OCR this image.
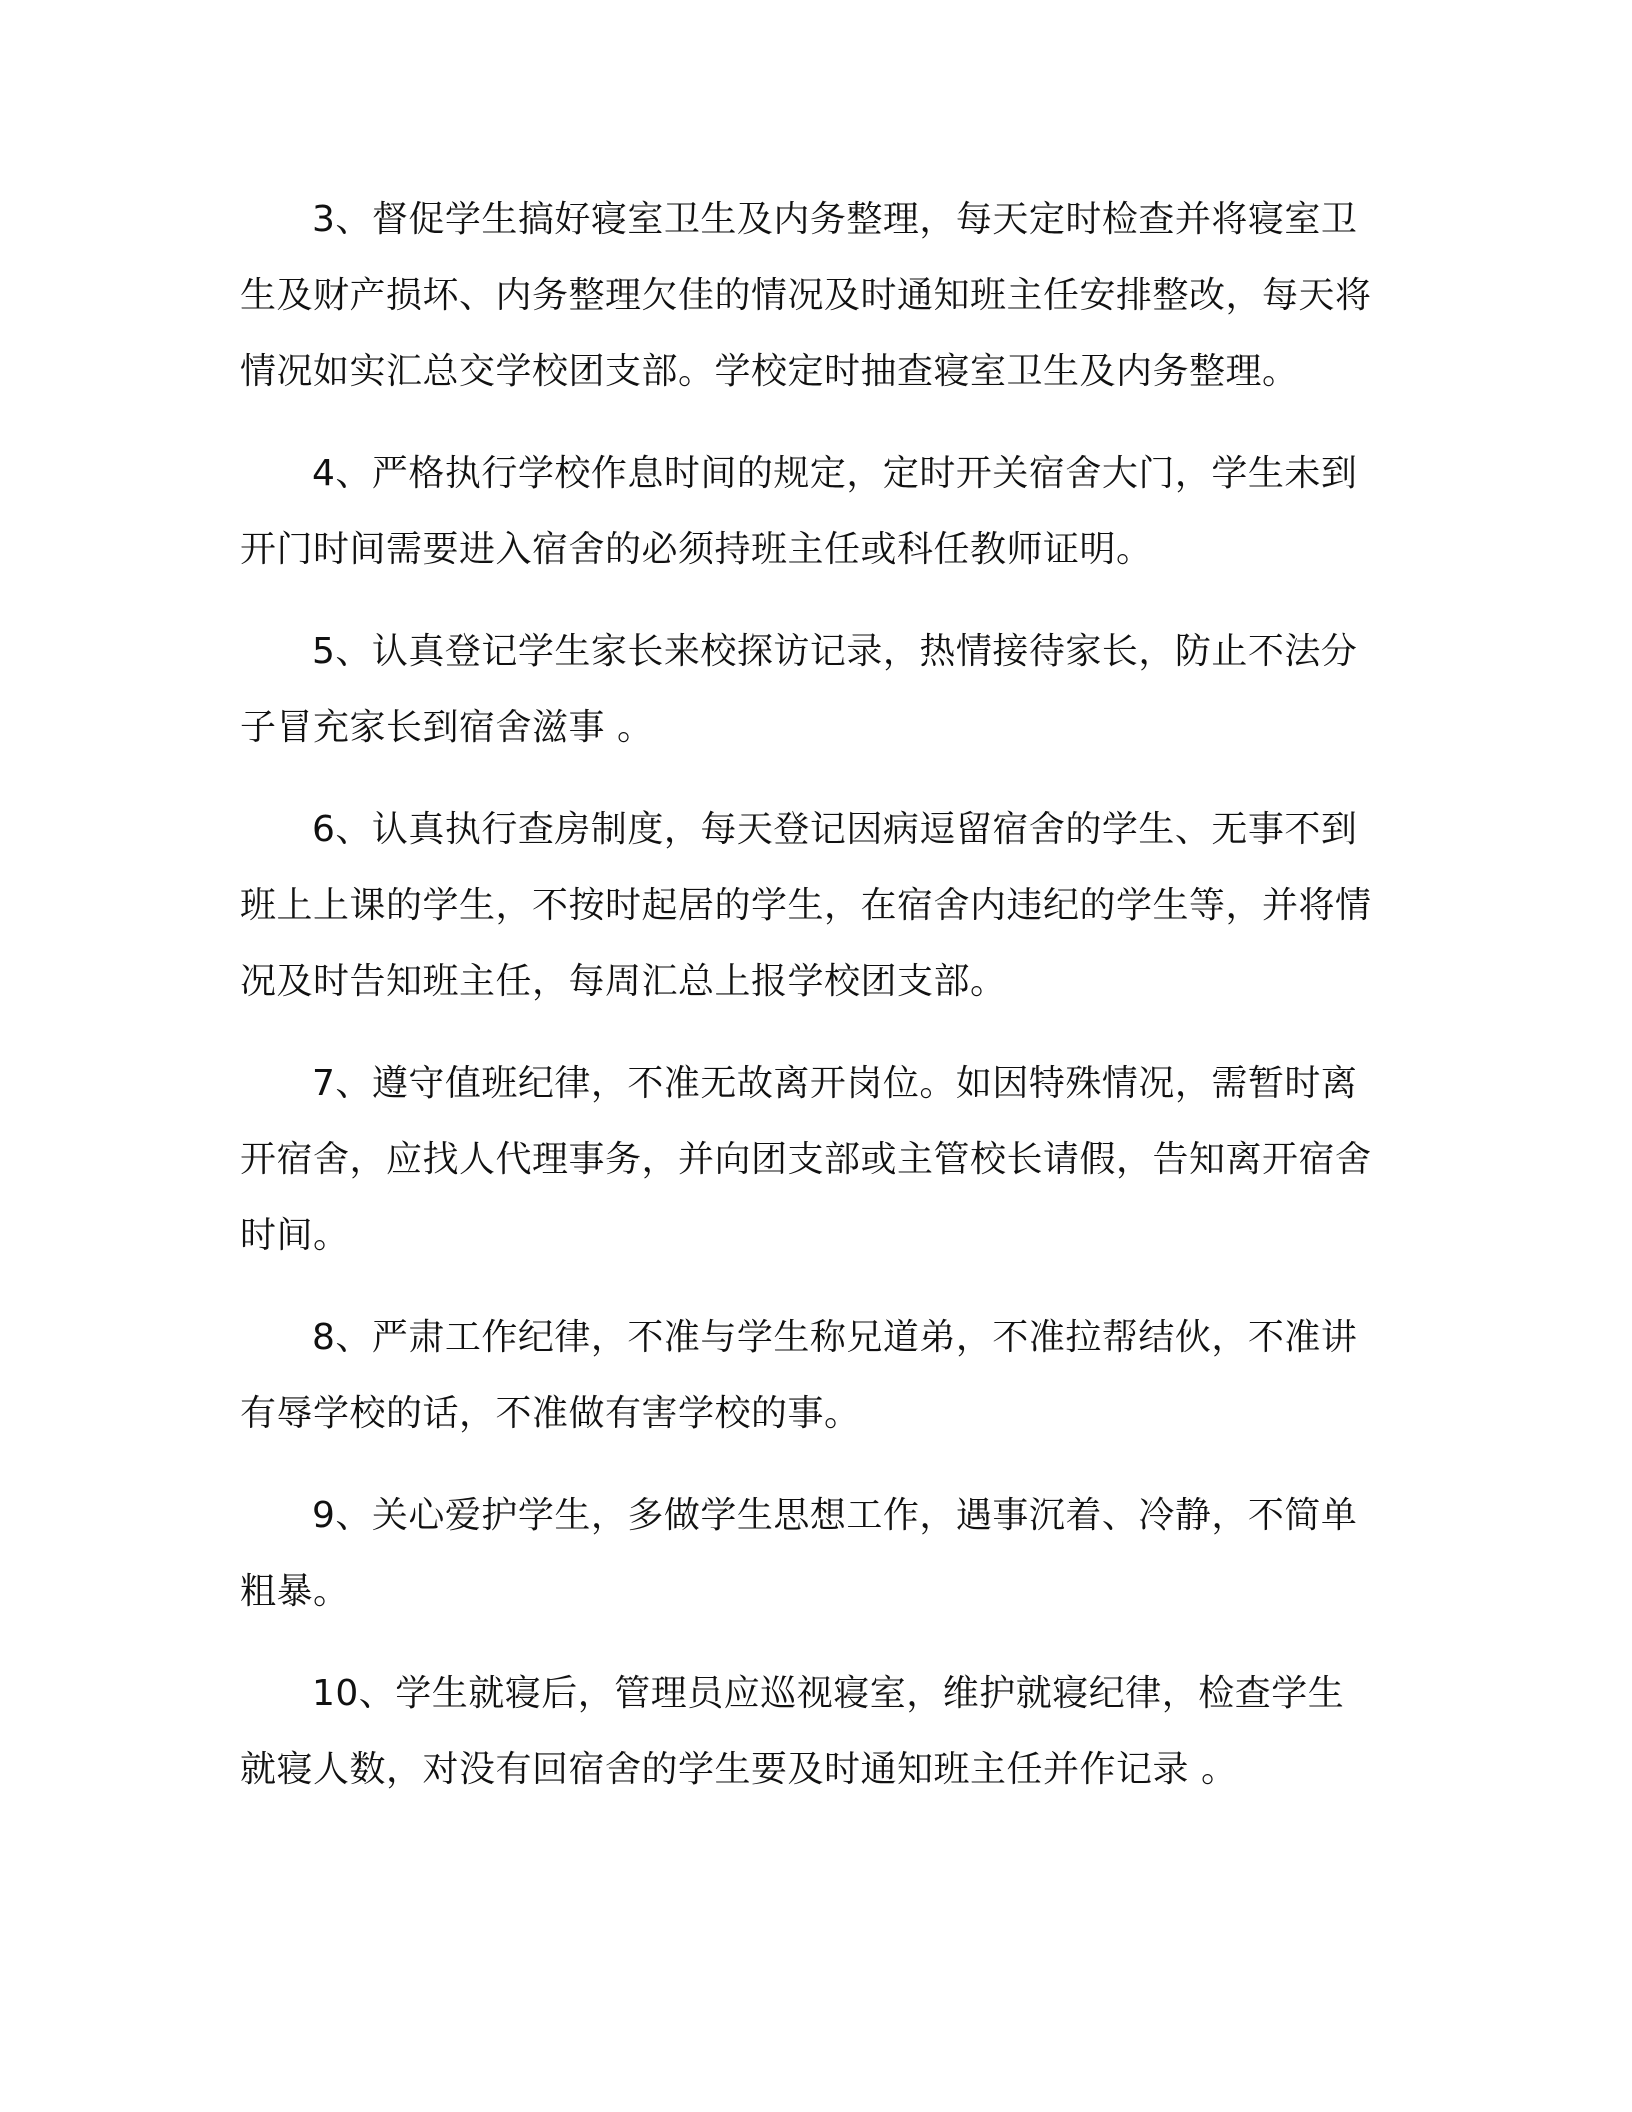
3、督促学生搞好寝室卫生及内务整理，每天定时检查并将寝室卫生及财产损坏、内务整理欠佳的情况及时通知班主任安排整改，每天将情况如实汇总交学校团支部。学校定时抽查寝室卫生及内务整理。

4、严格执行学校作息时间的规定，定时开关宿舍大门，学生未到开门时间需要进入宿舍的必须持班主任或科任教师证明。

5、认真登记学生家长来校探访记录，热情接待家长，防止不法分子冒充家长到宿舍滋事 。

6、认真执行查房制度，每天登记因病逗留宿舍的学生、无事不到班上上课的学生，不按时起居的学生，在宿舍内违纪的学生等，并将情况及时告知班主任，每周汇总上报学校团支部。

7、遵守值班纪律，不准无故离开岗位。如因特殊情况，需暂时离开宿舍，应找人代理事务，并向团支部或主管校长请假，告知离开宿舍时间。

8、严肃工作纪律，不准与学生称兄道弟，不准拉帮结伙，不准讲有辱学校的话，不准做有害学校的事。

9、关心爱护学生，多做学生思想工作，遇事沉着、冷静，不简单粗暴。

10、学生就寝后，管理员应巡视寝室，维护就寝纪律，检查学生就寝人数，对没有回宿舍的学生要及时通知班主任并作记录 。
